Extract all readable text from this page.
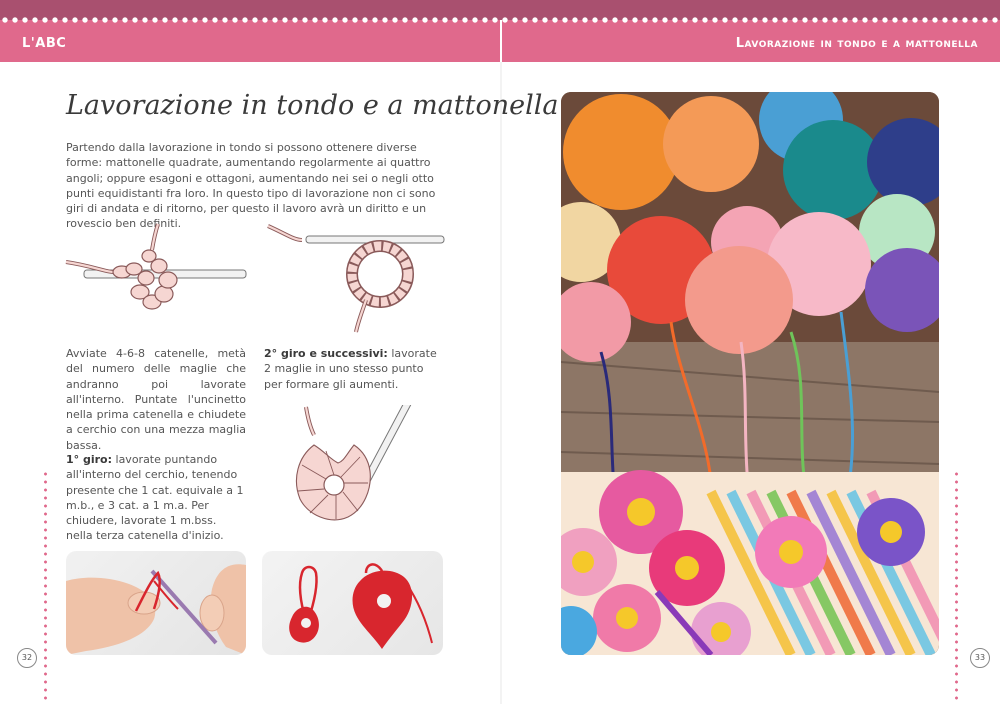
L'ABC	Lavorazione in tondo e a mattonella
Lavorazione in tondo e a mattonella
Partendo dalla lavorazione in tondo si possono ottenere diverse forme: mattonelle quadrate, aumentando regolarmente ai quattro angoli; oppure esagoni e ottagoni, aumentando nei sei o negli otto punti equidistanti fra loro. In questo tipo di lavorazione non ci sono giri di andata e di ritorno, per questo il lavoro avrà un diritto e un rovescio ben definiti.
Avviate 4-6-8 catenelle, metà del numero delle maglie che andranno poi lavorate all'interno. Puntate l'uncinetto nella prima catenella e chiudete a cerchio con una mezza maglia bassa.
2° giro e successivi: lavorate 2 maglie in uno stesso punto per formare gli aumenti.
1° giro: lavorate puntando all'interno del cerchio, tenendo presente che 1 cat. equivale a 1 m.b., e 3 cat. a 1 m.a. Per chiudere, lavorate 1 m.bss. nella terza catenella d'inizio.
32	33
